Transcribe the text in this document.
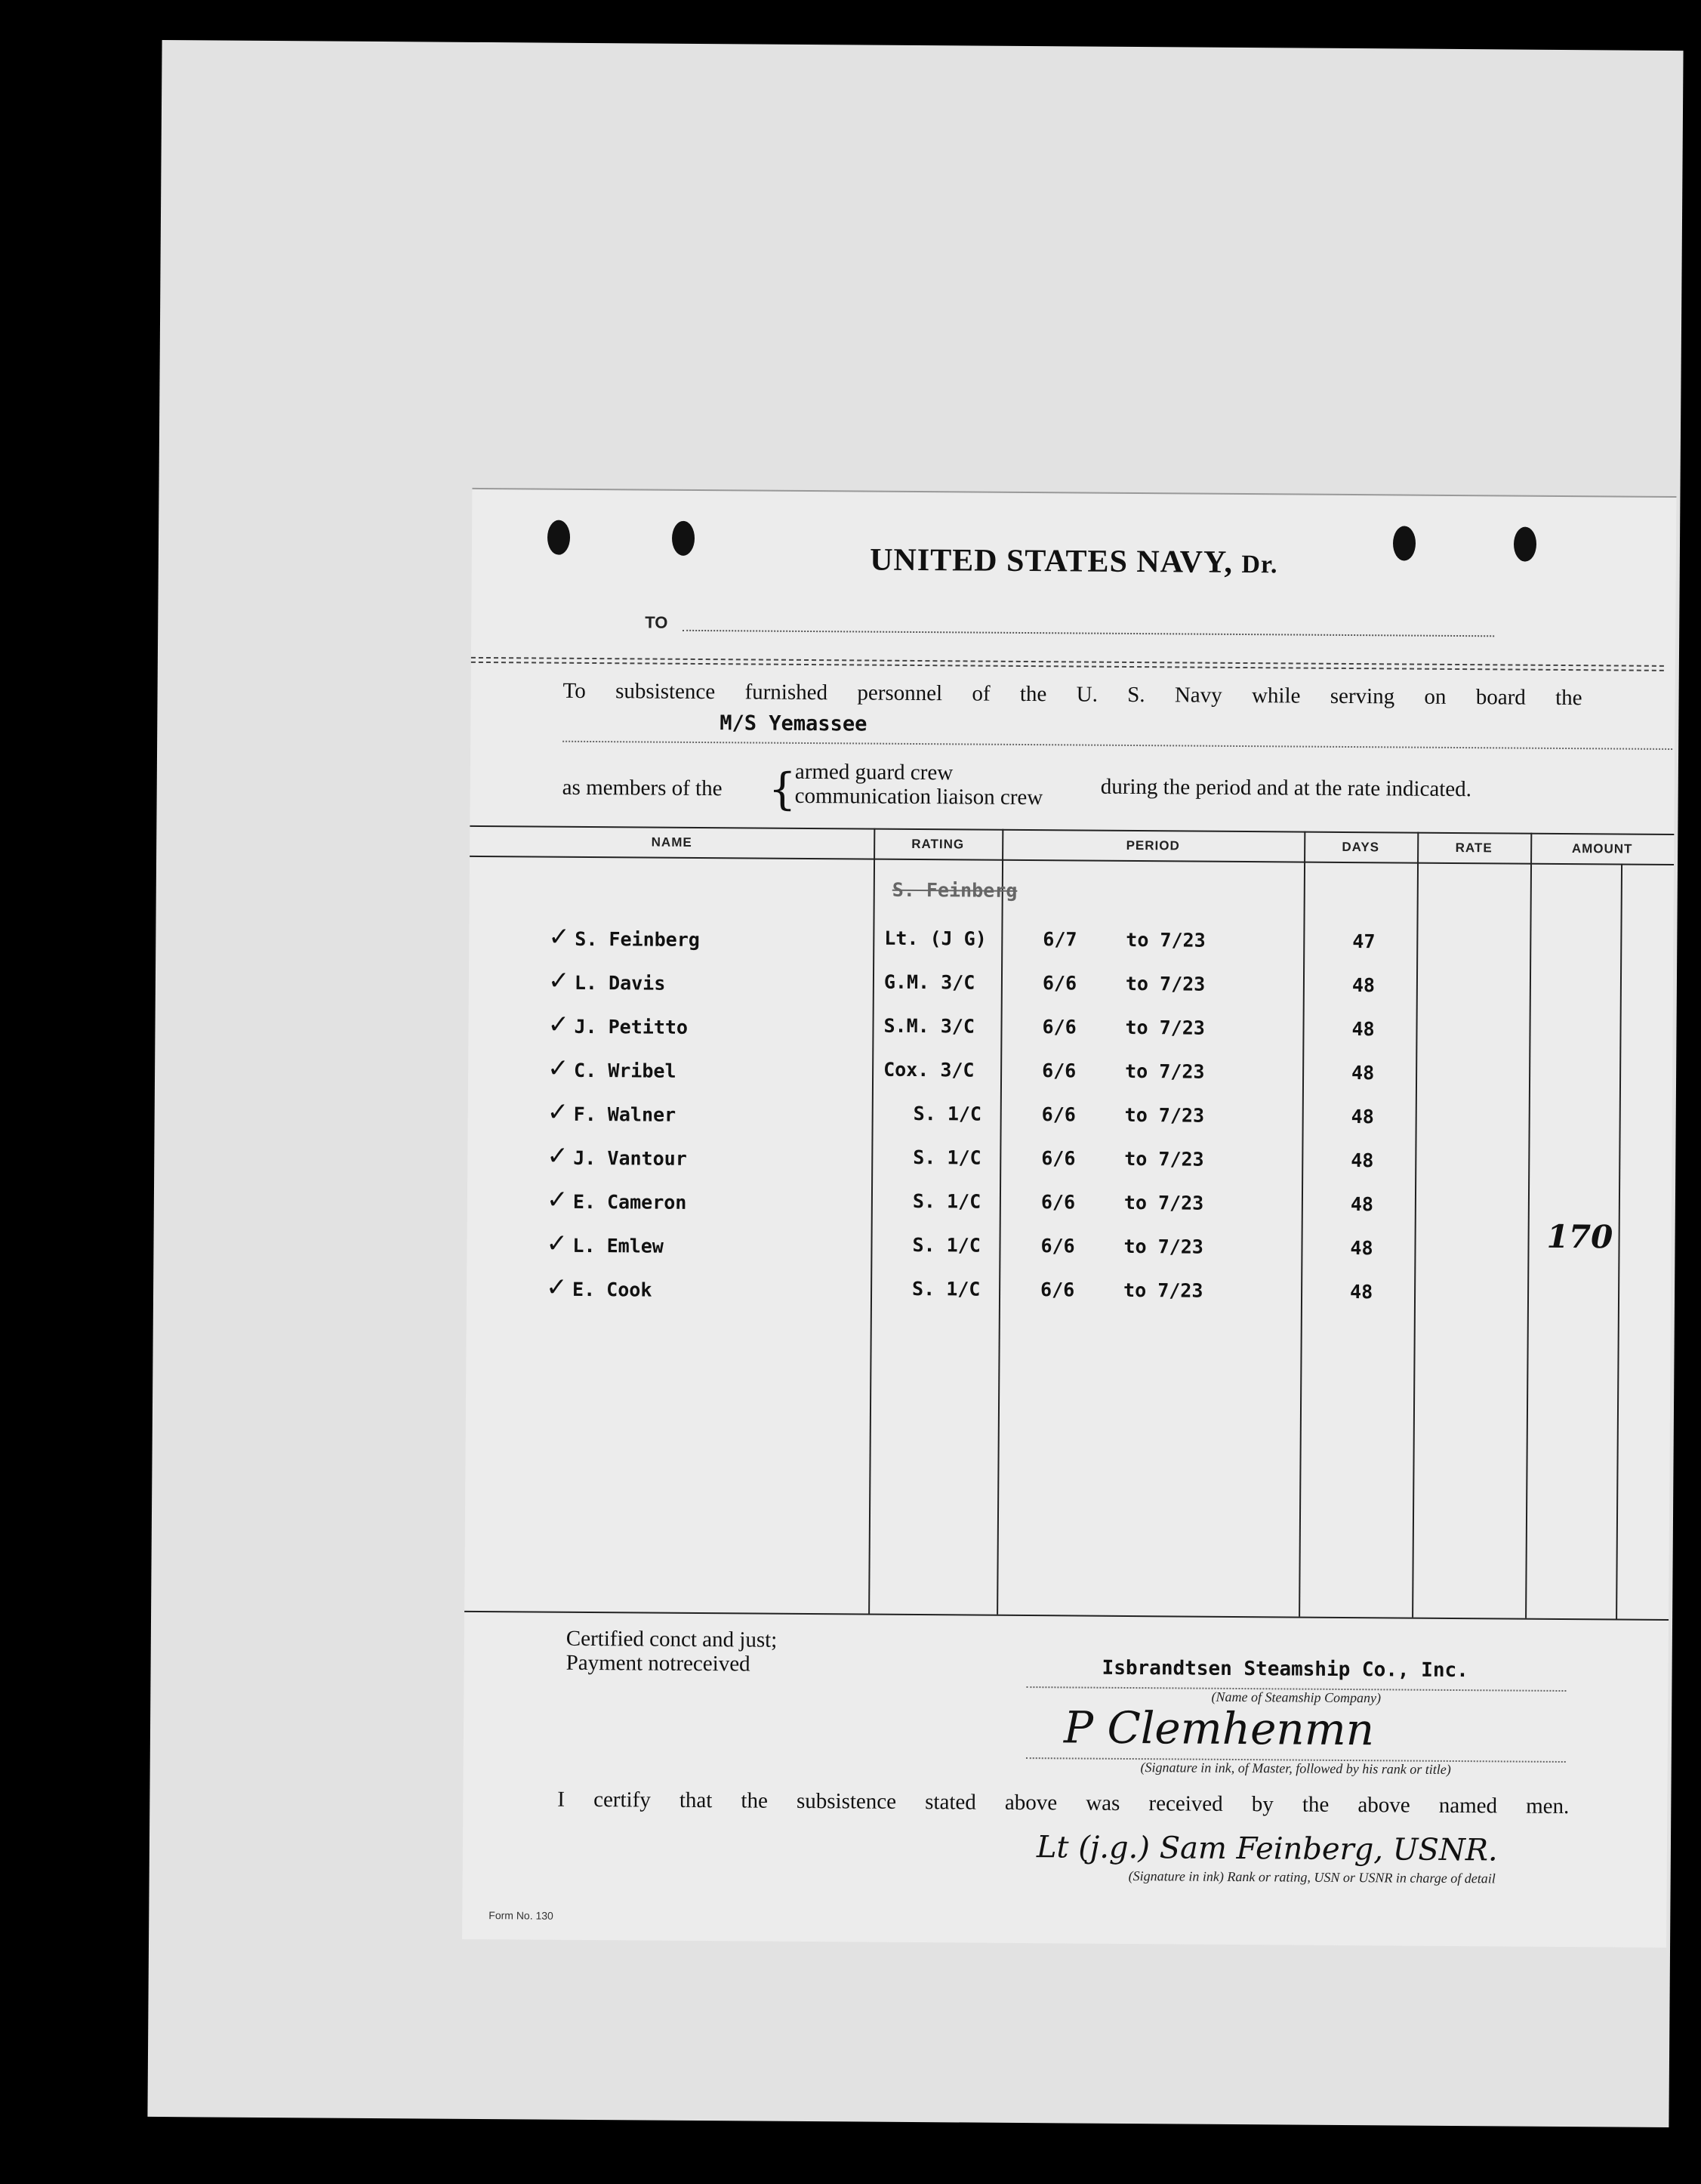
UNITED STATES NAVY, Dr.
TO
To subsistence furnished personnel of the U. S. Navy while serving on board the
M/S Yemassee
as members of the {
armed guard crew
communication liaison crew	during the period and at the rate indicated.
NAME	RATING	PERIOD	DAYS	RATE	AMOUNT
S. Feinberg
✓ S. Feinberg	Lt. (J G)	6/7	to 7/23	47
✓ L. Davis	G.M. 3/C	6/6	to 7/23	48
✓ J. Petitto	S.M. 3/C	6/6	to 7/23	48
✓ C. Wribel	Cox. 3/C	6/6	to 7/23	48
✓ F. Walner	S. 1/C	6/6	to 7/23	48
✓ J. Vantour	S. 1/C	6/6	to 7/23	48
✓ E. Cameron	S. 1/C	6/6	to 7/23	48
✓ L. Emlew	S. 1/C	6/6	to 7/23	48
✓ E. Cook	S. 1/C	6/6	to 7/23	48
170
Certified conct and just;
Payment notreceived	Isbrandtsen Steamship Co., Inc.
(Name of Steamship Company)
P Clemhenmn
(Signature in ink, of Master, followed by his rank or title)
I certify that the subsistence stated above was received by the above named men.
Lt (j.g.) Sam Feinberg, USNR.
(Signature in ink) Rank or rating, USN or USNR in charge of detail
Form No. 130
